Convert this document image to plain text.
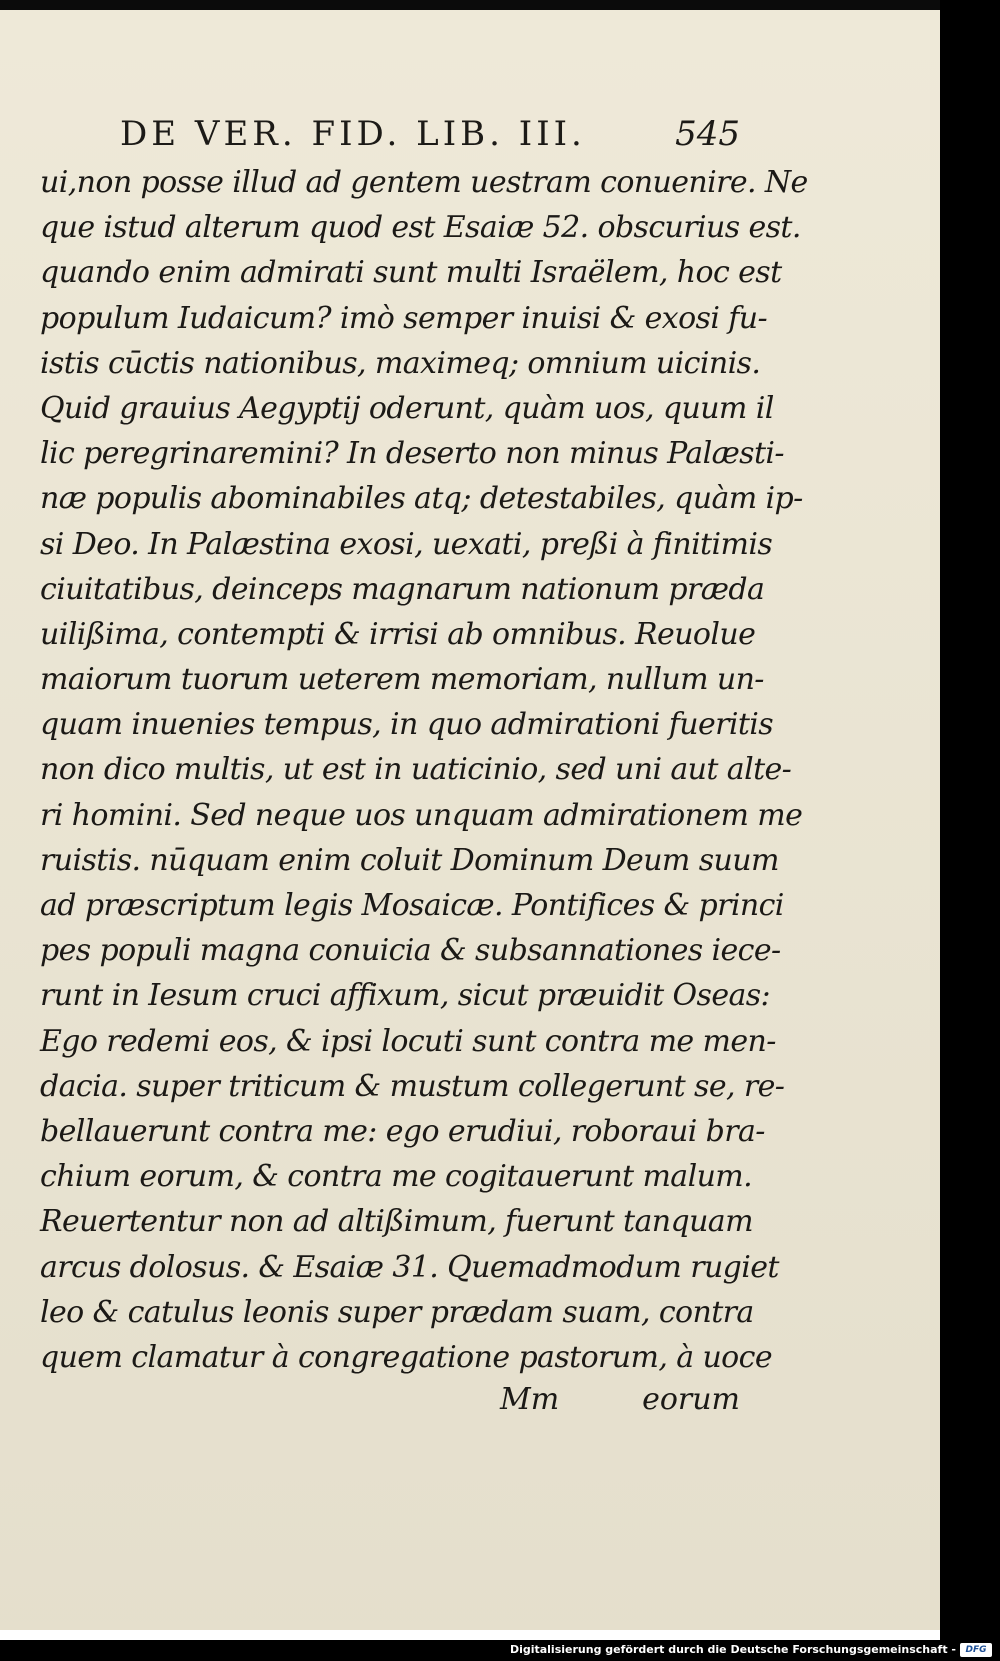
DE VER. FID. LIB. III.	545
ui,non posse illud ad gentem uestram conuenire. Ne
que istud alterum quod est Esaiæ 52. obscurius est.
quando enim admirati sunt multi Israëlem, hoc est
populum Iudaicum? imò semper inuisi & exosi fu-
istis cūctis nationibus, maximeq; omnium uicinis.
Quid grauius Aegyptij oderunt, quàm uos, quum il
lic peregrinaremini? In deserto non minus Palæsti-
næ populis abominabiles atq; detestabiles, quàm ip-
si Deo. In Palæstina exosi, uexati, preßi à finitimis
ciuitatibus, deinceps magnarum nationum præda
uilißima, contempti & irrisi ab omnibus. Reuolue
maiorum tuorum ueterem memoriam, nullum un-
quam inuenies tempus, in quo admirationi fueritis
non dico multis, ut est in uaticinio, sed uni aut alte-
ri homini. Sed neque uos unquam admirationem me
ruistis. nūquam enim coluit Dominum Deum suum
ad præscriptum legis Mosaicæ. Pontifices & princi
pes populi magna conuicia & subsannationes iece-
runt in Iesum cruci affixum, sicut præuidit Oseas:
Ego redemi eos, & ipsi locuti sunt contra me men-
dacia. super triticum & mustum collegerunt se, re-
bellauerunt contra me: ego erudiui, roboraui bra-
chium eorum, & contra me cogitauerunt malum.
Reuertentur non ad altißimum, fuerunt tanquam
arcus dolosus. & Esaiæ 31. Quemadmodum rugiet
leo & catulus leonis super prædam suam, contra
quem clamatur à congregatione pastorum, à uoce
Mm	eorum
Digitalisierung gefördert durch die Deutsche Forschungsgemeinschaft -	DFG
